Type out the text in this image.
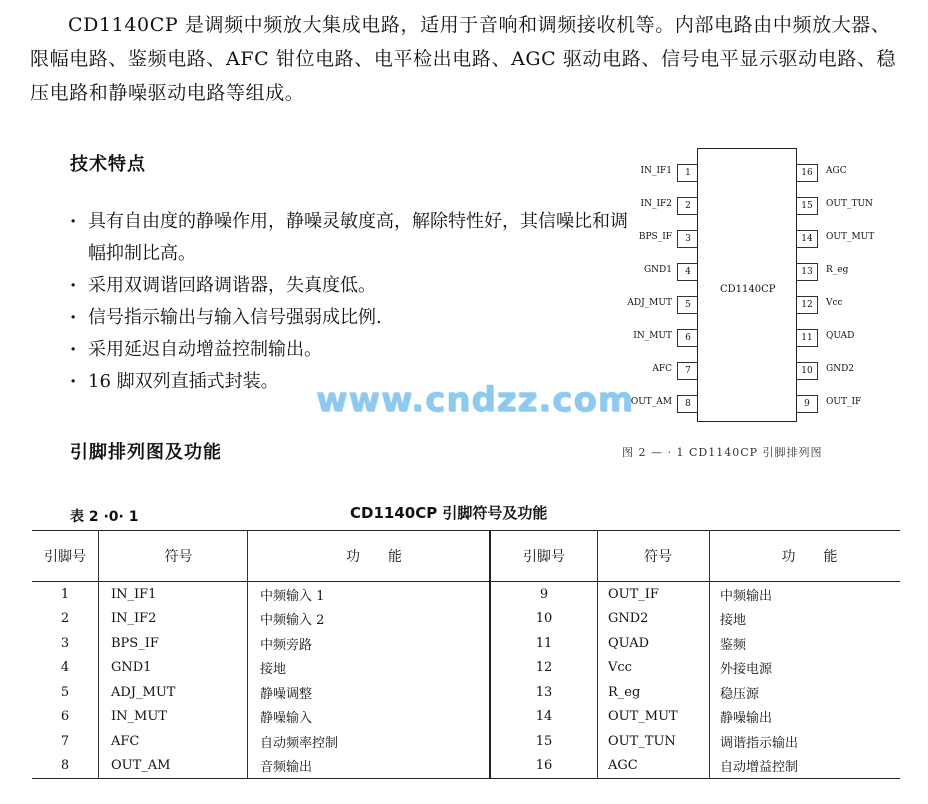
CD1140CP 是调频中频放大集成电路，适用于音响和调频接收机等。内部电路由中频放大器、限幅电路、鉴频电路、AFC 钳位电路、电平检出电路、AGC 驱动电路、信号电平显示驱动电路、稳压电路和静噪驱动电路等组成。
技术特点
· 具有自由度的静噪作用，静噪灵敏度高，解除特性好，其信噪比和调幅抑制比高。
· 采用双调谐回路调谐器，失真度低。
· 信号指示输出与输入信号强弱成比例.
· 采用延迟自动增益控制输出。
· 16 脚双列直插式封装。	www.cndzz.com
引脚排列图及功能
CD1140CP
1
IN_IF1
2
IN_IF2
3
BPS_IF
4
GND1
5
ADJ_MUT
6
IN_MUT
7
AFC
8
OUT_AM
16	AGC
15	OUT_TUN
14	OUT_MUT
13	R_eg
12	Vcc
11	QUAD
10	GND2
9	OUT_IF
图 2 — · 1 CD1140CP 引脚排列图
表 2 ·0· 1	CD1140CP 引脚符号及功能
引脚号	符号	功　　能	引脚号	符号	功　　能
1	IN_IF1	中频输入 1	9	OUT_IF	中频输出
2	IN_IF2	中频输入 2	10	GND2	接地
3	BPS_IF	中频旁路	11	QUAD	鉴频
4	GND1	接地	12	Vcc	外接电源
5	ADJ_MUT	静噪调整	13	R_eg	稳压源
6	IN_MUT	静噪输入	14	OUT_MUT	静噪输出
7	AFC	自动频率控制	15	OUT_TUN	调谐指示输出
8	OUT_AM	音频输出	16	AGC	自动增益控制
